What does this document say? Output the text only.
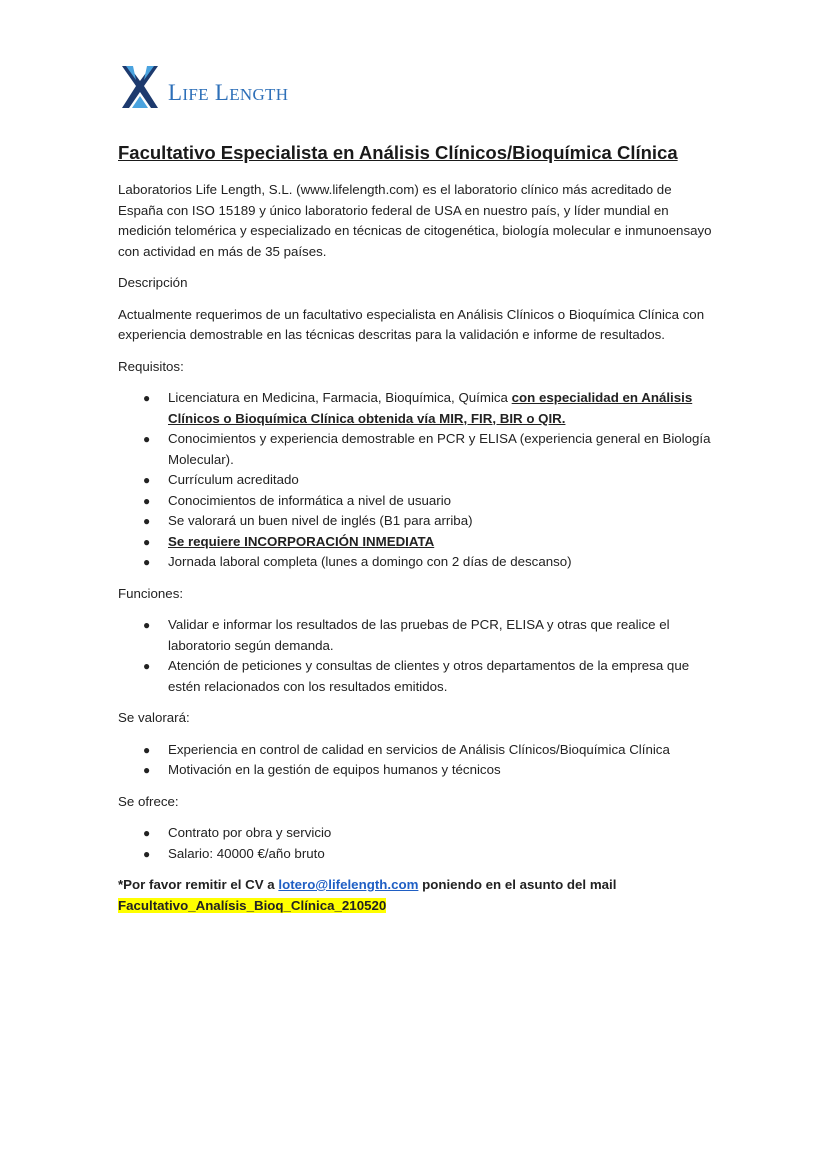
LIFE LENGTH
Facultativo Especialista en Análisis Clínicos/Bioquímica Clínica

Laboratorios Life Length, S.L. (www.lifelength.com) es el laboratorio clínico más acreditado de España con ISO 15189 y único laboratorio federal de USA en nuestro país, y líder mundial en medición telomérica y especializado en técnicas de citogenética, biología molecular e inmunoensayo con actividad en más de 35 países.

Descripción

Actualmente requerimos de un facultativo especialista en Análisis Clínicos o Bioquímica Clínica con experiencia demostrable en las técnicas descritas para la validación e informe de resultados.

Requisitos:

● Licenciatura en Medicina, Farmacia, Bioquímica, Química con especialidad en Análisis Clínicos o Bioquímica Clínica obtenida vía MIR, FIR, BIR o QIR.
● Conocimientos y experiencia demostrable en PCR y ELISA (experiencia general en Biología Molecular).
● Currículum acreditado
● Conocimientos de informática a nivel de usuario
● Se valorará un buen nivel de inglés (B1 para arriba)
● Se requiere INCORPORACIÓN INMEDIATA
● Jornada laboral completa (lunes a domingo con 2 días de descanso)

Funciones:

● Validar e informar los resultados de las pruebas de PCR, ELISA y otras que realice el laboratorio según demanda.
● Atención de peticiones y consultas de clientes y otros departamentos de la empresa que estén relacionados con los resultados emitidos.

Se valorará:

● Experiencia en control de calidad en servicios de Análisis Clínicos/Bioquímica Clínica
● Motivación en la gestión de equipos humanos y técnicos

Se ofrece:

● Contrato por obra y servicio
● Salario: 40000 €/año bruto

*Por favor remitir el CV a lotero@lifelength.com poniendo en el asunto del mail
Facultativo_Analísis_Bioq_Clínica_210520
